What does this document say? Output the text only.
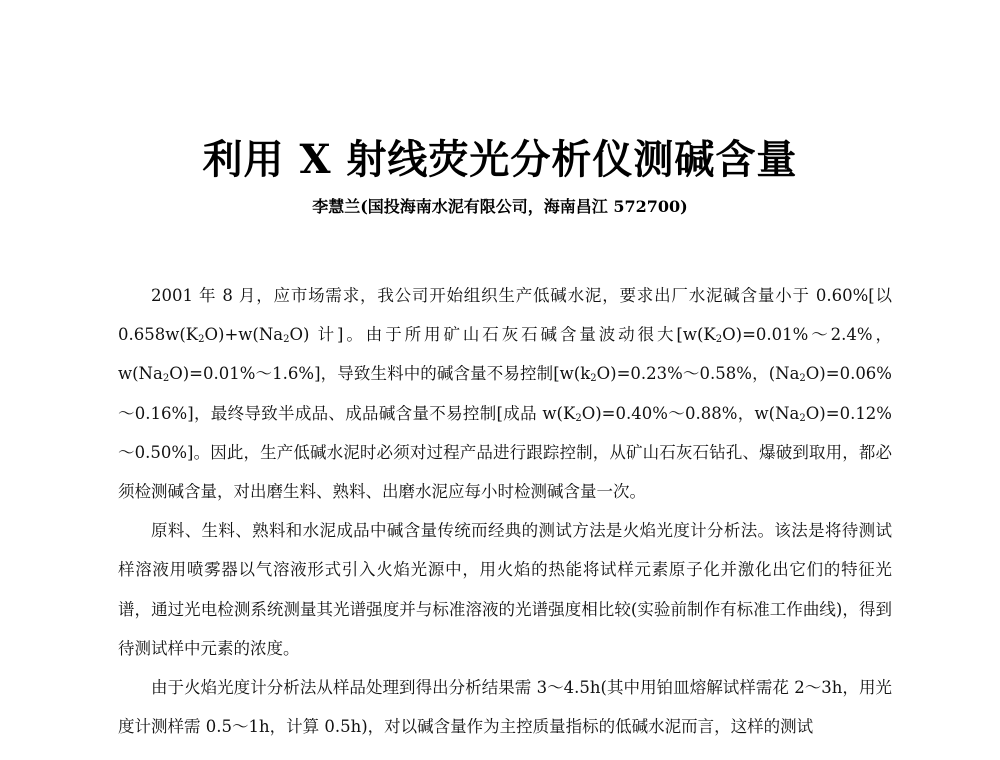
利用 X 射线荧光分析仪测碱含量
李慧兰(国投海南水泥有限公司，海南昌江 572700)

2001 年 8 月，应市场需求，我公司开始组织生产低碱水泥，要求出厂水泥碱含量小于 0.60%[以 $0.658w(K_2O)+w(Na_2O)$ 计]。由于所用矿山石灰石碱含量波动很大[$w(K_2O)=0.01\%\sim 2.4\%$，$w(Na_2O)=0.01\%\sim 1.6\%$]，导致生料中的碱含量不易控制[$w(k_2O)=0.23\%\sim 0.58\%$，$(Na_2O)=0.06\%\sim 0.16\%$]，最终导致半成品、成品碱含量不易控制[成品 $w(K_2O)=0.40\%\sim 0.88\%$，$w(Na_2O)=0.12\%\sim 0.50\%$]。因此，生产低碱水泥时必须对过程产品进行跟踪控制，从矿山石灰石钻孔、爆破到取用，都必须检测碱含量，对出磨生料、熟料、出磨水泥应每小时检测碱含量一次。

原料、生料、熟料和水泥成品中碱含量传统而经典的测试方法是火焰光度计分析法。该法是将待测试样溶液用喷雾器以气溶液形式引入火焰光源中，用火焰的热能将试样元素原子化并激化出它们的特征光谱，通过光电检测系统测量其光谱强度并与标准溶液的光谱强度相比较(实验前制作有标准工作曲线)，得到待测试样中元素的浓度。

由于火焰光度计分析法从样品处理到得出分析结果需 3～4.5h(其中用铂皿熔解试样需花 2～3h，用光度计测样需 0.5～1h，计算 0.5h)，对以碱含量作为主控质量指标的低碱水泥而言，这样的测试
